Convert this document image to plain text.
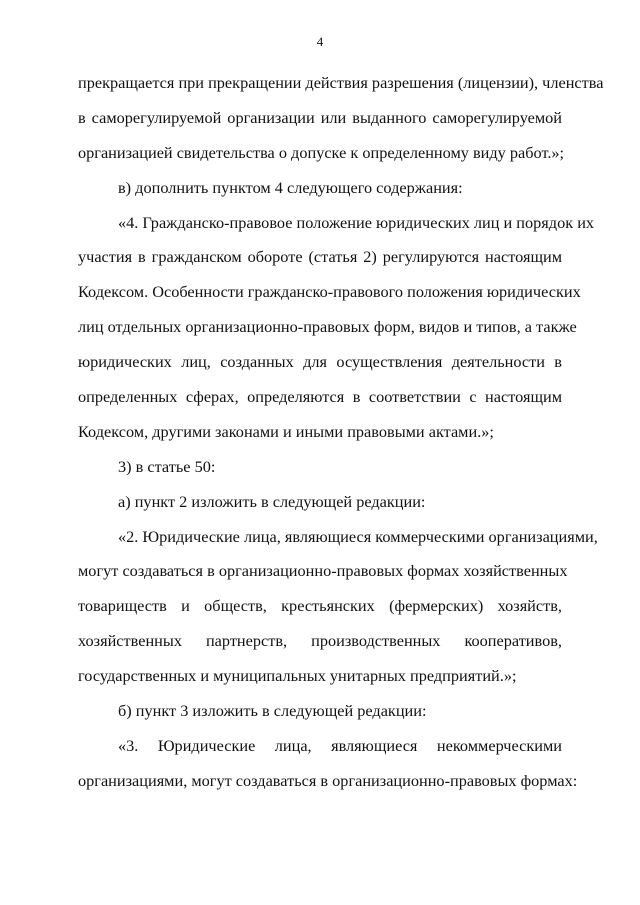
4
прекращается при прекращении действия разрешения (лицензии), членства
в саморегулируемой организации или выданного саморегулируемой
организацией свидетельства о допуске к определенному виду работ.»;
в) дополнить пунктом 4 следующего содержания:
«4. Гражданско-правовое положение юридических лиц и порядок их
участия в гражданском обороте (статья 2) регулируются настоящим
Кодексом. Особенности гражданско-правового положения юридических
лиц отдельных организационно-правовых форм, видов и типов, а также
юридических лиц, созданных для осуществления деятельности в
определенных сферах, определяются в соответствии с настоящим
Кодексом, другими законами и иными правовыми актами.»;
3) в статье 50:
а) пункт 2 изложить в следующей редакции:
«2. Юридические лица, являющиеся коммерческими организациями,
могут создаваться в организационно-правовых формах хозяйственных
товариществ и обществ, крестьянских (фермерских) хозяйств,
хозяйственных партнерств, производственных кооперативов,
государственных и муниципальных унитарных предприятий.»;
б) пункт 3 изложить в следующей редакции:
«3. Юридические лица, являющиеся некоммерческими
организациями, могут создаваться в организационно-правовых формах:
